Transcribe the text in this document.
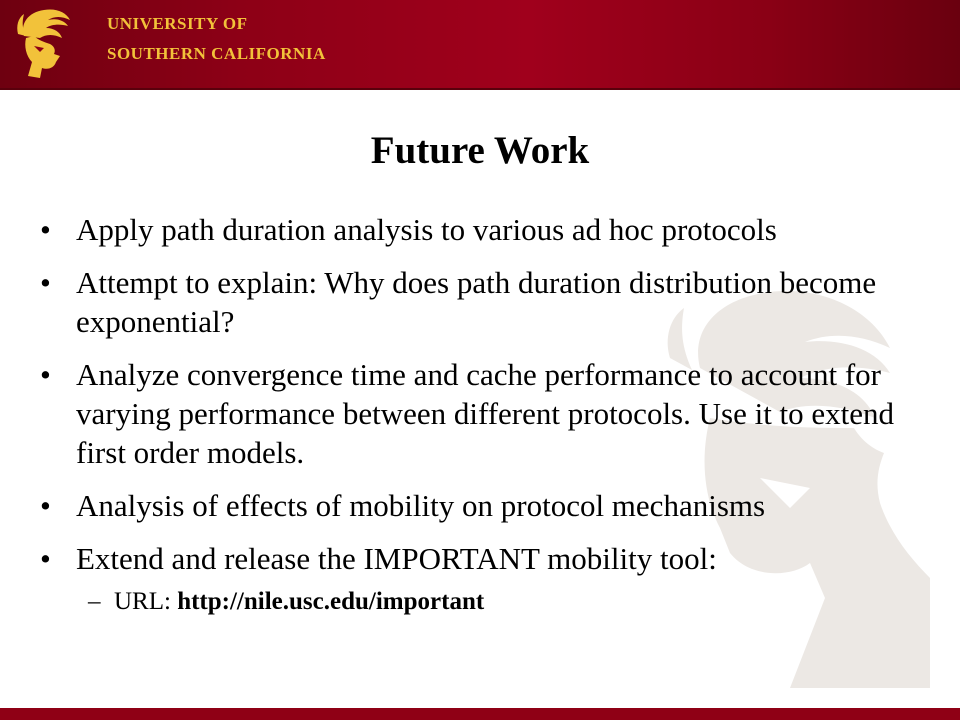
UNIVERSITY OF
SOUTHERN CALIFORNIA
Future Work
• Apply path duration analysis to various ad hoc protocols
• Attempt to explain: Why does path duration distribution become exponential?
• Analyze convergence time and cache performance to account for varying performance between different protocols. Use it to extend first order models.
• Analysis of effects of mobility on protocol mechanisms
• Extend and release the IMPORTANT mobility tool:
– URL: http://nile.usc.edu/important
